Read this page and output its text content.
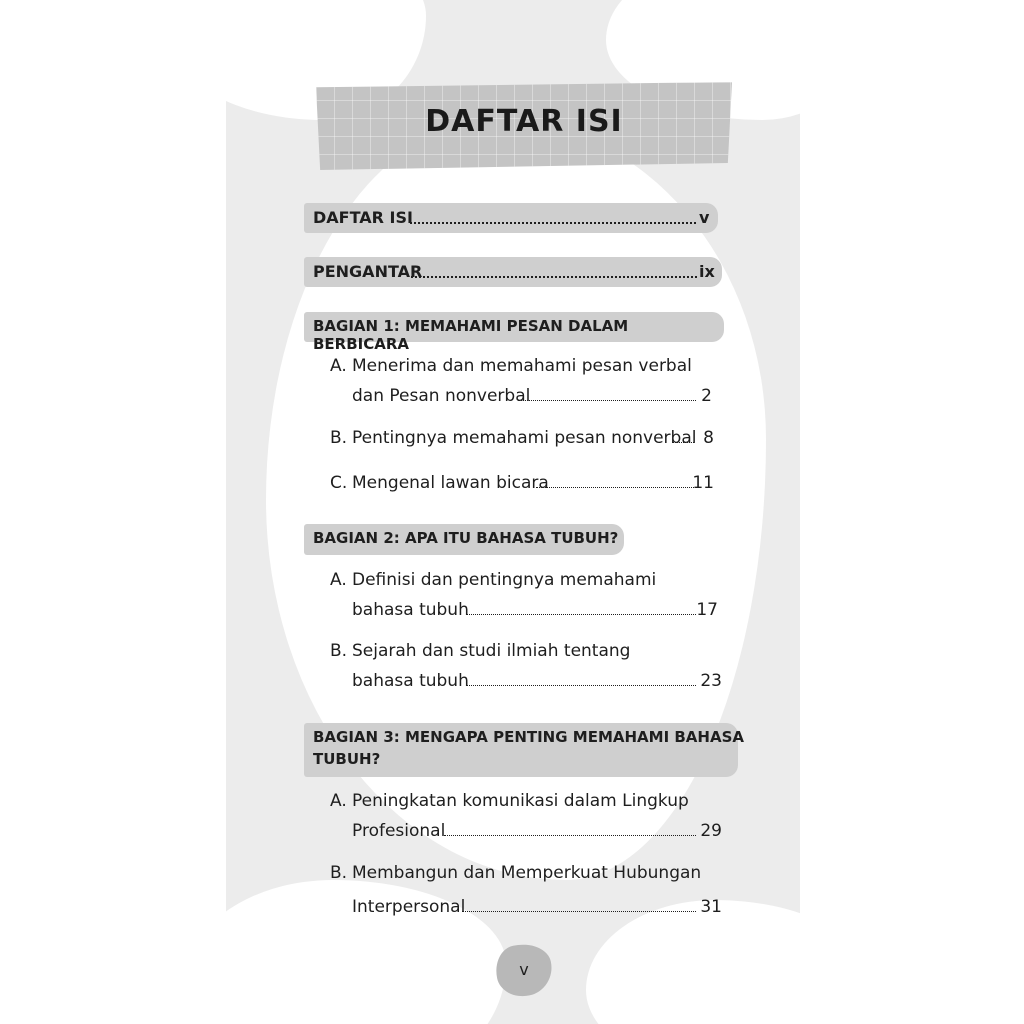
DAFTAR ISI
DAFTAR ISI	v
PENGANTAR	ix
BAGIAN 1: MEMAHAMI PESAN DALAM BERBICARA
A. Menerima dan memahami pesan verbal
dan Pesan nonverbal	2
B. Pentingnya memahami pesan nonverbal 8
C. Mengenal lawan bicara	11
BAGIAN 2: APA ITU BAHASA TUBUH?
A. Definisi dan pentingnya memahami
bahasa tubuh	17
B. Sejarah dan studi ilmiah tentang
bahasa tubuh	23
BAGIAN 3: MENGAPA PENTING MEMAHAMI BAHASA
TUBUH?
A. Peningkatan komunikasi dalam Lingkup
Profesional	29
B. Membangun dan Memperkuat Hubungan
Interpersonal	31
v
